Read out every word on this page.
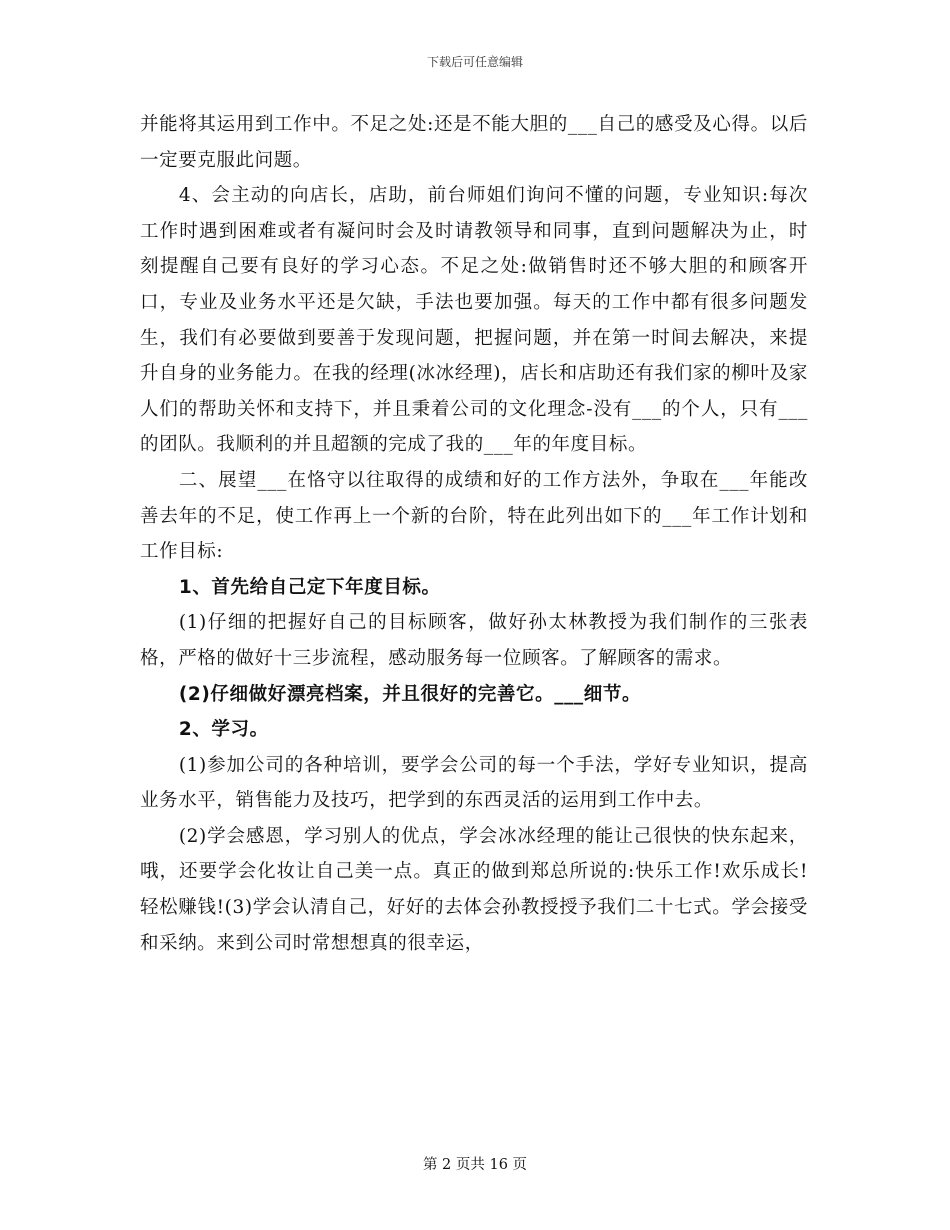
下载后可任意编辑

并能将其运用到工作中。不足之处:还是不能大胆的___自己的感受及心得。以后一定要克服此问题。

4、会主动的向店长，店助，前台师姐们询问不懂的问题，专业知识:每次工作时遇到困难或者有凝问时会及时请教领导和同事，直到问题解决为止，时刻提醒自己要有良好的学习心态。不足之处:做销售时还不够大胆的和顾客开口，专业及业务水平还是欠缺，手法也要加强。每天的工作中都有很多问题发生，我们有必要做到要善于发现问题，把握问题，并在第一时间去解决，来提升自身的业务能力。在我的经理(冰冰经理)，店长和店助还有我们家的柳叶及家人们的帮助关怀和支持下，并且秉着公司的文化理念-没有___的个人，只有___的团队。我顺利的并且超额的完成了我的___年的年度目标。

二、展望___在恪守以往取得的成绩和好的工作方法外，争取在___年能改善去年的不足，使工作再上一个新的台阶，特在此列出如下的___年工作计划和工作目标:

1、首先给自己定下年度目标。

(1)仔细的把握好自己的目标顾客，做好孙太林教授为我们制作的三张表格，严格的做好十三步流程，感动服务每一位顾客。了解顾客的需求。

(2)仔细做好漂亮档案，并且很好的完善它。___细节。

2、学习。

(1)参加公司的各种培训，要学会公司的每一个手法，学好专业知识，提高业务水平，销售能力及技巧，把学到的东西灵活的运用到工作中去。

(2)学会感恩，学习别人的优点，学会冰冰经理的能让己很快的快东起来，哦，还要学会化妆让自己美一点。真正的做到郑总所说的:快乐工作!欢乐成长!轻松赚钱!(3)学会认清自己，好好的去体会孙教授授予我们二十七式。学会接受和采纳。来到公司时常想想真的很幸运，

第 2 页共 16 页
